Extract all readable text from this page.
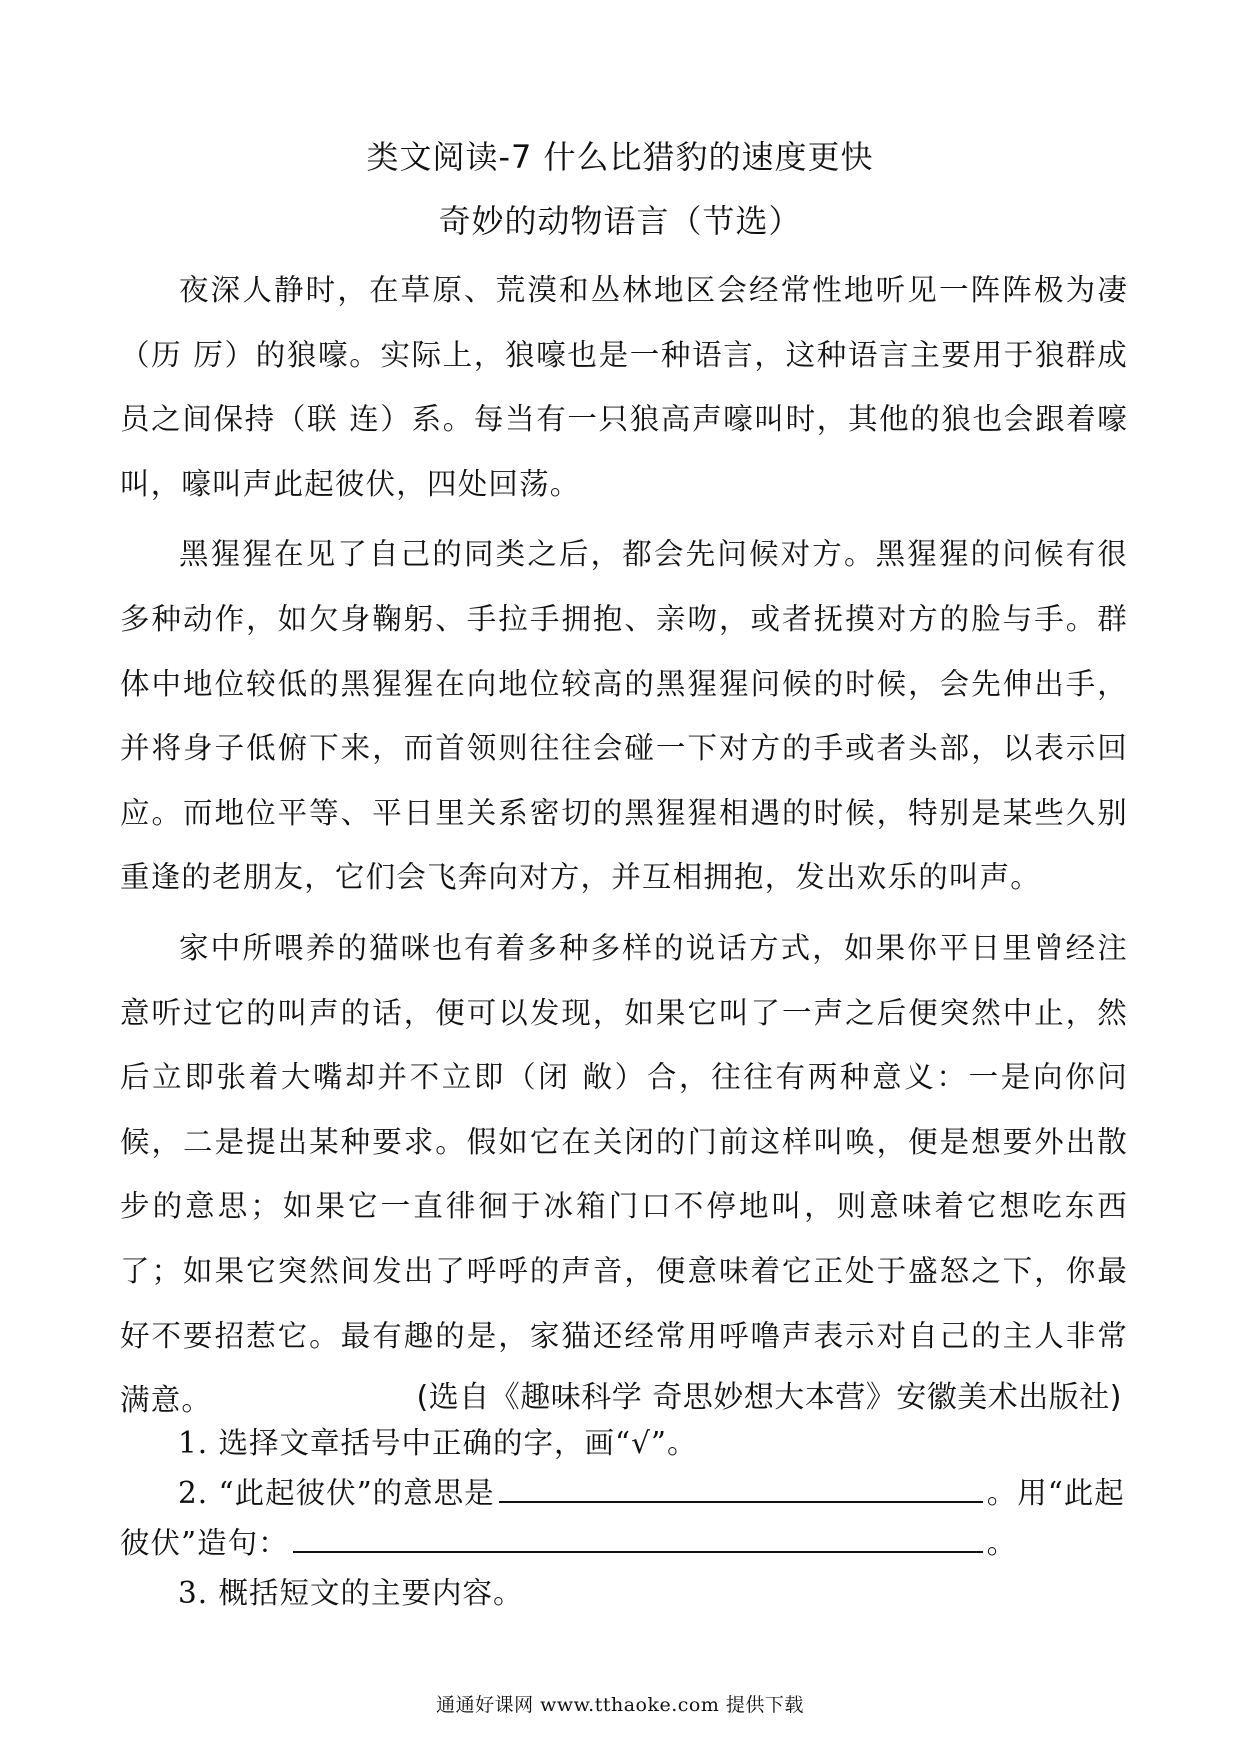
类文阅读-7 什么比猎豹的速度更快
奇妙的动物语言（节选）

夜深人静时，在草原、荒漠和丛林地区会经常性地听见一阵阵极为凄（历 厉）的狼嚎。实际上，狼嚎也是一种语言，这种语言主要用于狼群成员之间保持（联 连）系。每当有一只狼高声嚎叫时，其他的狼也会跟着嚎叫，嚎叫声此起彼伏，四处回荡。

黑猩猩在见了自己的同类之后，都会先问候对方。黑猩猩的问候有很多种动作，如欠身鞠躬、手拉手拥抱、亲吻，或者抚摸对方的脸与手。群体中地位较低的黑猩猩在向地位较高的黑猩猩问候的时候，会先伸出手，并将身子低俯下来，而首领则往往会碰一下对方的手或者头部，以表示回应。而地位平等、平日里关系密切的黑猩猩相遇的时候，特别是某些久别重逢的老朋友，它们会飞奔向对方，并互相拥抱，发出欢乐的叫声。

家中所喂养的猫咪也有着多种多样的说话方式，如果你平日里曾经注意听过它的叫声的话，便可以发现，如果它叫了一声之后便突然中止，然后立即张着大嘴却并不立即（闭 敞）合，往往有两种意义：一是向你问候，二是提出某种要求。假如它在关闭的门前这样叫唤，便是想要外出散步的意思；如果它一直徘徊于冰箱门口不停地叫，则意味着它想吃东西了；如果它突然间发出了呼呼的声音，便意味着它正处于盛怒之下，你最好不要招惹它。最有趣的是，家猫还经常用呼噜声表示对自己的主人非常满意。	(选自《趣味科学 奇思妙想大本营》安徽美术出版社)

1. 选择文章括号中正确的字，画“√”。

2. “此起彼伏”的意思是	。用“此起
彼伏”造句：	。

3. 概括短文的主要内容。

通通好课网 www.tthaoke.com 提供下载
